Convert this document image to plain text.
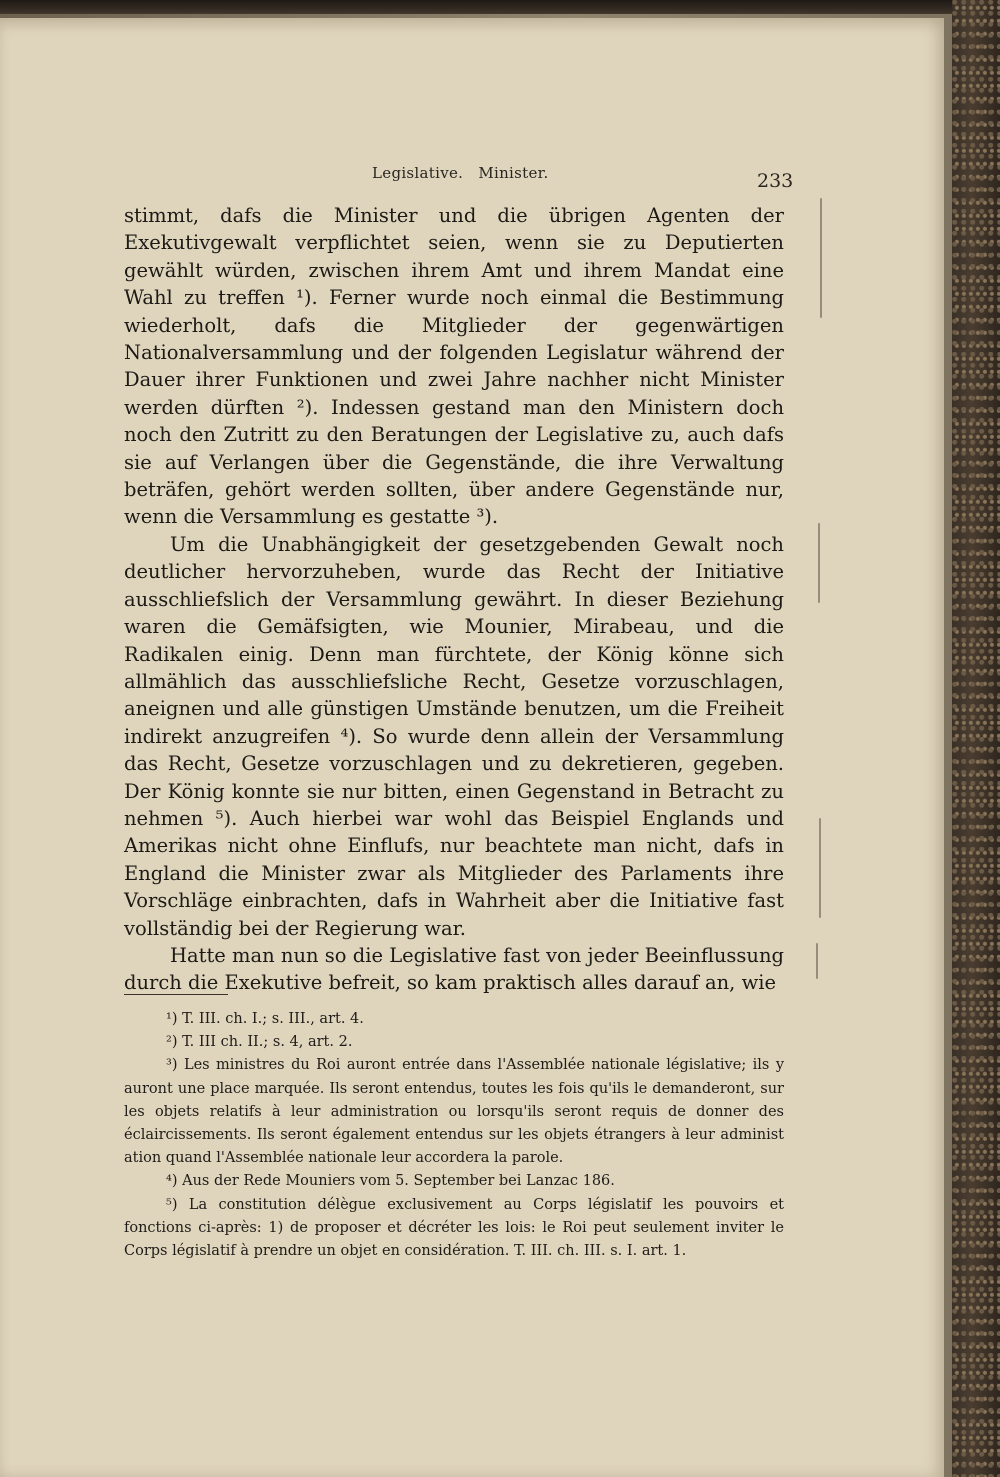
Legislative. Minister.	233

stimmt, dafs die Minister und die übrigen Agenten der Exekutivgewalt verpflichtet seien, wenn sie zu Deputierten gewählt würden, zwischen ihrem Amt und ihrem Mandat eine Wahl zu treffen ¹). Ferner wurde noch einmal die Bestimmung wiederholt, dafs die Mitglieder der gegenwärtigen Nationalversammlung und der folgenden Legislatur während der Dauer ihrer Funktionen und zwei Jahre nachher nicht Minister werden dürften ²). Indessen gestand man den Ministern doch noch den Zutritt zu den Beratungen der Legislative zu, auch dafs sie auf Verlangen über die Gegenstände, die ihre Verwaltung beträfen, gehört werden sollten, über andere Gegenstände nur, wenn die Versammlung es gestatte ³).

Um die Unabhängigkeit der gesetzgebenden Gewalt noch deutlicher hervorzuheben, wurde das Recht der Initiative ausschliefslich der Versammlung gewährt. In dieser Beziehung waren die Gemäfsigten, wie Mounier, Mirabeau, und die Radikalen einig. Denn man fürchtete, der König könne sich allmählich das ausschliefsliche Recht, Gesetze vorzuschlagen, aneignen und alle günstigen Umstände benutzen, um die Freiheit indirekt anzugreifen ⁴). So wurde denn allein der Versammlung das Recht, Gesetze vorzuschlagen und zu dekretieren, gegeben. Der König konnte sie nur bitten, einen Gegenstand in Betracht zu nehmen ⁵). Auch hierbei war wohl das Beispiel Englands und Amerikas nicht ohne Einflufs, nur beachtete man nicht, dafs in England die Minister zwar als Mitglieder des Parlaments ihre Vorschläge einbrachten, dafs in Wahrheit aber die Initiative fast vollständig bei der Regierung war.

Hatte man nun so die Legislative fast von jeder Beeinflussung durch die Exekutive befreit, so kam praktisch alles darauf an, wie

¹) T. III. ch. I.; s. III., art. 4.

²) T. III ch. II.; s. 4, art. 2.

³) Les ministres du Roi auront entrée dans l'Assemblée nationale législative; ils y auront une place marquée. Ils seront entendus, toutes les fois qu'ils le demanderont, sur les objets relatifs à leur administration ou lorsqu'ils seront requis de donner des éclaircissements. Ils seront également entendus sur les objets étrangers à leur administ ation quand l'Assemblée nationale leur accordera la parole.

⁴) Aus der Rede Mouniers vom 5. September bei Lanzac 186.

⁵) La constitution délègue exclusivement au Corps législatif les pouvoirs et fonctions ci-après: 1) de proposer et décréter les lois: le Roi peut seulement inviter le Corps législatif à prendre un objet en considération. T. III. ch. III. s. I. art. 1.
